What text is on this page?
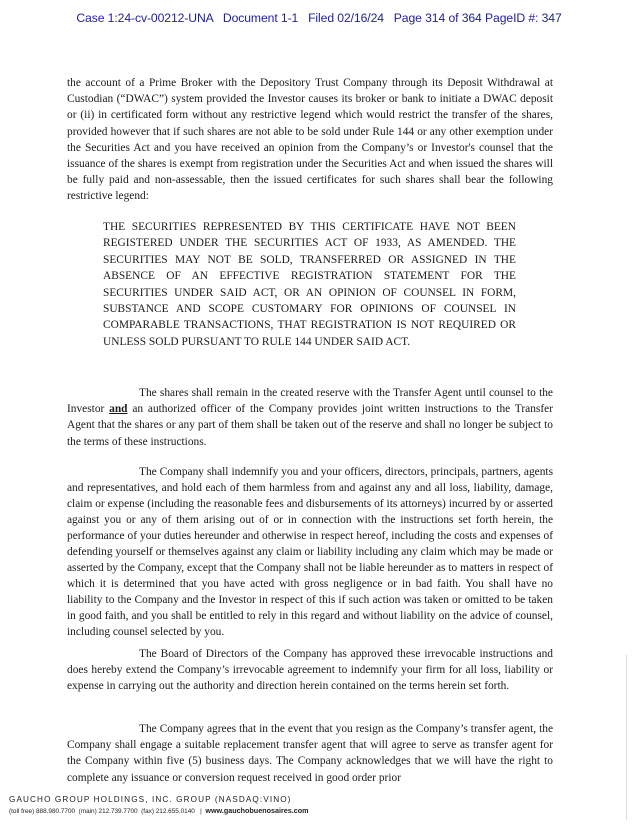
Case 1:24-cv-00212-UNA   Document 1-1   Filed 02/16/24   Page 314 of 364 PageID #: 347
the account of a Prime Broker with the Depository Trust Company through its Deposit Withdrawal at Custodian (“DWAC”) system provided the Investor causes its broker or bank to initiate a DWAC deposit or (ii) in certificated form without any restrictive legend which would restrict the transfer of the shares, provided however that if such shares are not able to be sold under Rule 144 or any other exemption under the Securities Act and you have received an opinion from the Company’s or Investor's counsel that the issuance of the shares is exempt from registration under the Securities Act and when issued the shares will be fully paid and non-assessable, then the issued certificates for such shares shall bear the following restrictive legend:
THE SECURITIES REPRESENTED BY THIS CERTIFICATE HAVE NOT BEEN REGISTERED UNDER THE SECURITIES ACT OF 1933, AS AMENDED. THE SECURITIES MAY NOT BE SOLD, TRANSFERRED OR ASSIGNED IN THE ABSENCE OF AN EFFECTIVE REGISTRATION STATEMENT FOR THE SECURITIES UNDER SAID ACT, OR AN OPINION OF COUNSEL IN FORM, SUBSTANCE AND SCOPE CUSTOMARY FOR OPINIONS OF COUNSEL IN COMPARABLE TRANSACTIONS, THAT REGISTRATION IS NOT REQUIRED OR UNLESS SOLD PURSUANT TO RULE 144 UNDER SAID ACT.
The shares shall remain in the created reserve with the Transfer Agent until counsel to the Investor and an authorized officer of the Company provides joint written instructions to the Transfer Agent that the shares or any part of them shall be taken out of the reserve and shall no longer be subject to the terms of these instructions.
The Company shall indemnify you and your officers, directors, principals, partners, agents and representatives, and hold each of them harmless from and against any and all loss, liability, damage, claim or expense (including the reasonable fees and disbursements of its attorneys) incurred by or asserted against you or any of them arising out of or in connection with the instructions set forth herein, the performance of your duties hereunder and otherwise in respect hereof, including the costs and expenses of defending yourself or themselves against any claim or liability including any claim which may be made or asserted by the Company, except that the Company shall not be liable hereunder as to matters in respect of which it is determined that you have acted with gross negligence or in bad faith. You shall have no liability to the Company and the Investor in respect of this if such action was taken or omitted to be taken in good faith, and you shall be entitled to rely in this regard and without liability on the advice of counsel, including counsel selected by you.
The Board of Directors of the Company has approved these irrevocable instructions and does hereby extend the Company’s irrevocable agreement to indemnify your firm for all loss, liability or expense in carrying out the authority and direction herein contained on the terms herein set forth.
The Company agrees that in the event that you resign as the Company’s transfer agent, the Company shall engage a suitable replacement transfer agent that will agree to serve as transfer agent for the Company within five (5) business days. The Company acknowledges that we will have the right to complete any issuance or conversion request received in good order prior
GAUCHO GROUP HOLDINGS, INC. GROUP (NASDAQ:VINO)
(toll free) 888.980.7700  (main) 212.739.7700  (fax) 212.655.0140   |  www.gauchobuenosaires.com
